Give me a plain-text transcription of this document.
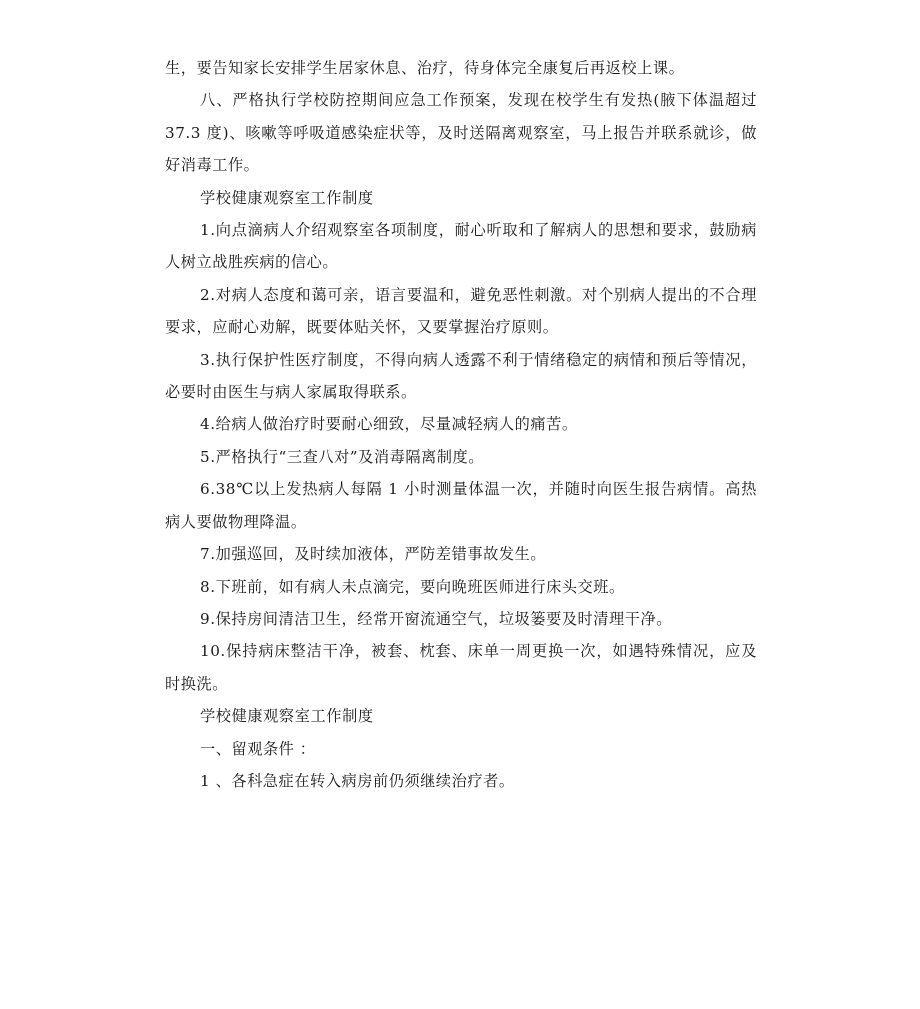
生，要告知家长安排学生居家休息、治疗，待身体完全康复后再返校上课。

八、严格执行学校防控期间应急工作预案，发现在校学生有发热(腋下体温超过 37.3 度)、咳嗽等呼吸道感染症状等，及时送隔离观察室，马上报告并联系就诊，做好消毒工作。

学校健康观察室工作制度

1.向点滴病人介绍观察室各项制度，耐心听取和了解病人的思想和要求，鼓励病人树立战胜疾病的信心。

2.对病人态度和蔼可亲，语言要温和，避免恶性刺激。对个别病人提出的不合理要求，应耐心劝解，既要体贴关怀，又要掌握治疗原则。

3.执行保护性医疗制度，不得向病人透露不利于情绪稳定的病情和预后等情况，必要时由医生与病人家属取得联系。

4.给病人做治疗时要耐心细致，尽量减轻病人的痛苦。

5.严格执行“三查八对”及消毒隔离制度。

6.38℃以上发热病人每隔 1 小时测量体温一次，并随时向医生报告病情。高热病人要做物理降温。

7.加强巡回，及时续加液体，严防差错事故发生。

8.下班前，如有病人未点滴完，要向晚班医师进行床头交班。

9.保持房间清洁卫生，经常开窗流通空气，垃圾篓要及时清理干净。

10.保持病床整洁干净，被套、枕套、床单一周更换一次，如遇特殊情况，应及时换洗。

学校健康观察室工作制度

一、留观条件 ：

1 、各科急症在转入病房前仍须继续治疗者。
